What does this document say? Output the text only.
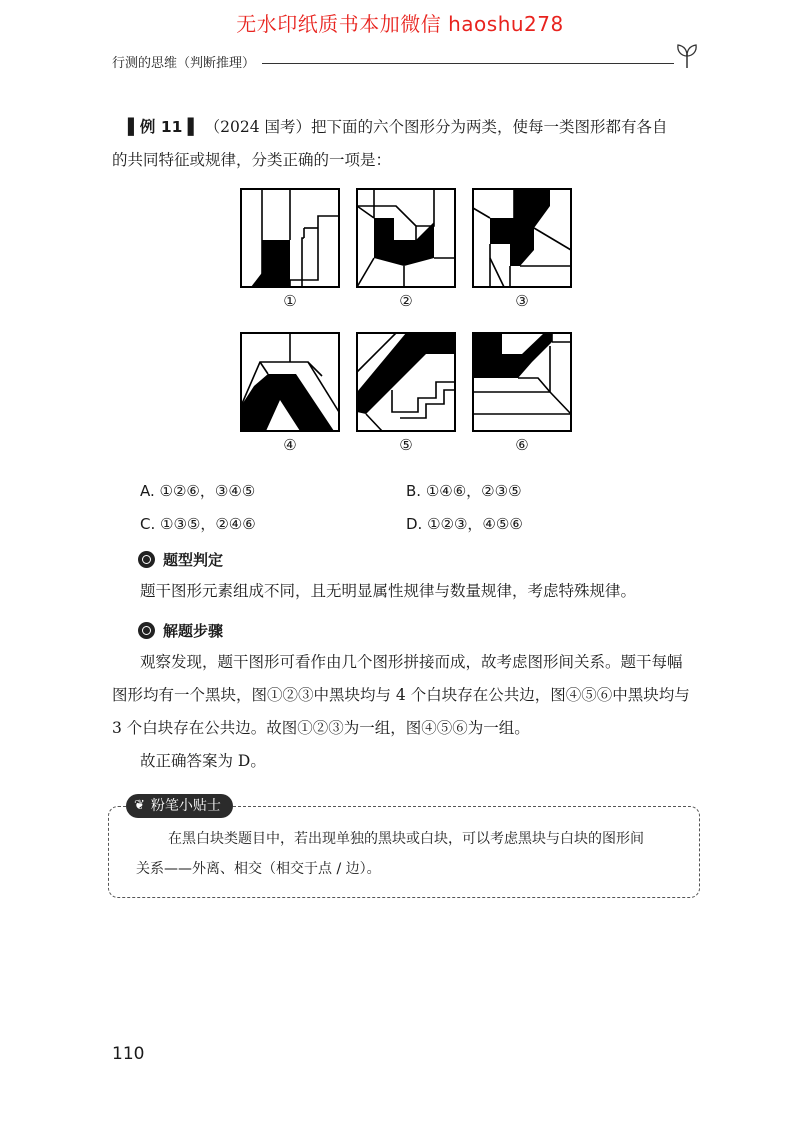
无水印纸质书本加微信 haoshu278
行测的思维（判断推理）
▌例 11 ▌ （2024 国考）把下面的六个图形分为两类，使每一类图形都有各自
的共同特征或规律，分类正确的一项是：
①	②	③
④	⑤	⑥
A. ①②⑥，③④⑤	B. ①④⑥，②③⑤
C. ①③⑤，②④⑥	D. ①②③，④⑤⑥
题型判定

题干图形元素组成不同，且无明显属性规律与数量规律，考虑特殊规律。

解题步骤

观察发现，题干图形可看作由几个图形拼接而成，故考虑图形间关系。题干每幅

图形均有一个黑块，图①②③中黑块均与 4 个白块存在公共边，图④⑤⑥中黑块均与

3 个白块存在公共边。故图①②③为一组，图④⑤⑥为一组。

故正确答案为 D。

❦ 粉笔小贴士

在黑白块类题目中，若出现单独的黑块或白块，可以考虑黑块与白块的图形间

关系——外离、相交（相交于点 / 边）。

110
